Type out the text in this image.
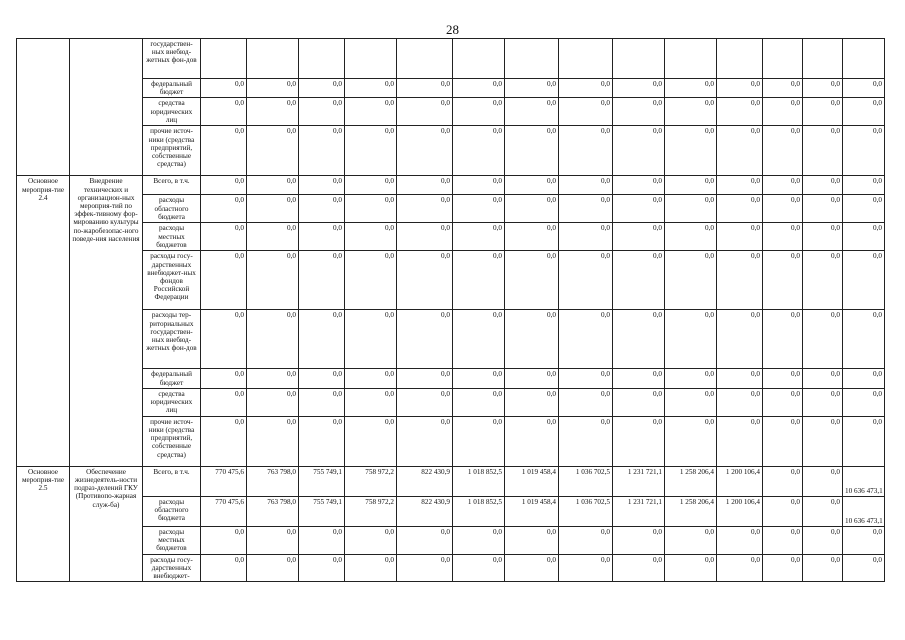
28
		государствен-ных внебюд-жетных фон-дов														
		федеральный бюджет	0,0	0,0	0,0	0,0	0,0	0,0	0,0	0,0	0,0	0,0	0,0	0,0	0,0	0,0
		средства юридических лиц	0,0	0,0	0,0	0,0	0,0	0,0	0,0	0,0	0,0	0,0	0,0	0,0	0,0	0,0
		прочие источ-ники (средства предприятий, собственные средства)	0,0	0,0	0,0	0,0	0,0	0,0	0,0	0,0	0,0	0,0	0,0	0,0	0,0	0,0
Основное мероприя-тие 2.4	Внедрение технических и организацион-ных мероприя-тий по эффек-тивному фор-мированию культуры по-жаробезопас-ного поведе-ния населения	Всего, в т.ч.	0,0	0,0	0,0	0,0	0,0	0,0	0,0	0,0	0,0	0,0	0,0	0,0	0,0	0,0
		расходы областного бюджета	0,0	0,0	0,0	0,0	0,0	0,0	0,0	0,0	0,0	0,0	0,0	0,0	0,0	0,0
		расходы местных бюджетов	0,0	0,0	0,0	0,0	0,0	0,0	0,0	0,0	0,0	0,0	0,0	0,0	0,0	0,0
		расходы госу-дарственных внебюджет-ных фондов Российской Федерации	0,0	0,0	0,0	0,0	0,0	0,0	0,0	0,0	0,0	0,0	0,0	0,0	0,0	0,0
		расходы тер-риториальных государствен-ных внебюд-жетных фон-дов	0,0	0,0	0,0	0,0	0,0	0,0	0,0	0,0	0,0	0,0	0,0	0,0	0,0	0,0
		федеральный бюджет	0,0	0,0	0,0	0,0	0,0	0,0	0,0	0,0	0,0	0,0	0,0	0,0	0,0	0,0
		средства юридических лиц	0,0	0,0	0,0	0,0	0,0	0,0	0,0	0,0	0,0	0,0	0,0	0,0	0,0	0,0
		прочие источ-ники (средства предприятий, собственные средства)	0,0	0,0	0,0	0,0	0,0	0,0	0,0	0,0	0,0	0,0	0,0	0,0	0,0	0,0
Основное мероприя-тие 2.5	Обеспечение жизнедеятель-ности подраз-делений ГКУ (Противопо-жарная служ-ба)	Всего, в т.ч.	770 475,6	763 798,0	755 749,1	758 972,2	822 430,9	1 018 852,5	1 019 458,4	1 036 702,5	1 231 721,1	1 258 206,4	1 200 106,4	0,0	0,0	10 636 473,1
		расходы областного бюджета	770 475,6	763 798,0	755 749,1	758 972,2	822 430,9	1 018 852,5	1 019 458,4	1 036 702,5	1 231 721,1	1 258 206,4	1 200 106,4	0,0	0,0	10 636 473,1
		расходы местных бюджетов	0,0	0,0	0,0	0,0	0,0	0,0	0,0	0,0	0,0	0,0	0,0	0,0	0,0	0,0
		расходы госу-дарственных внебюджет-	0,0	0,0	0,0	0,0	0,0	0,0	0,0	0,0	0,0	0,0	0,0	0,0	0,0	0,0
